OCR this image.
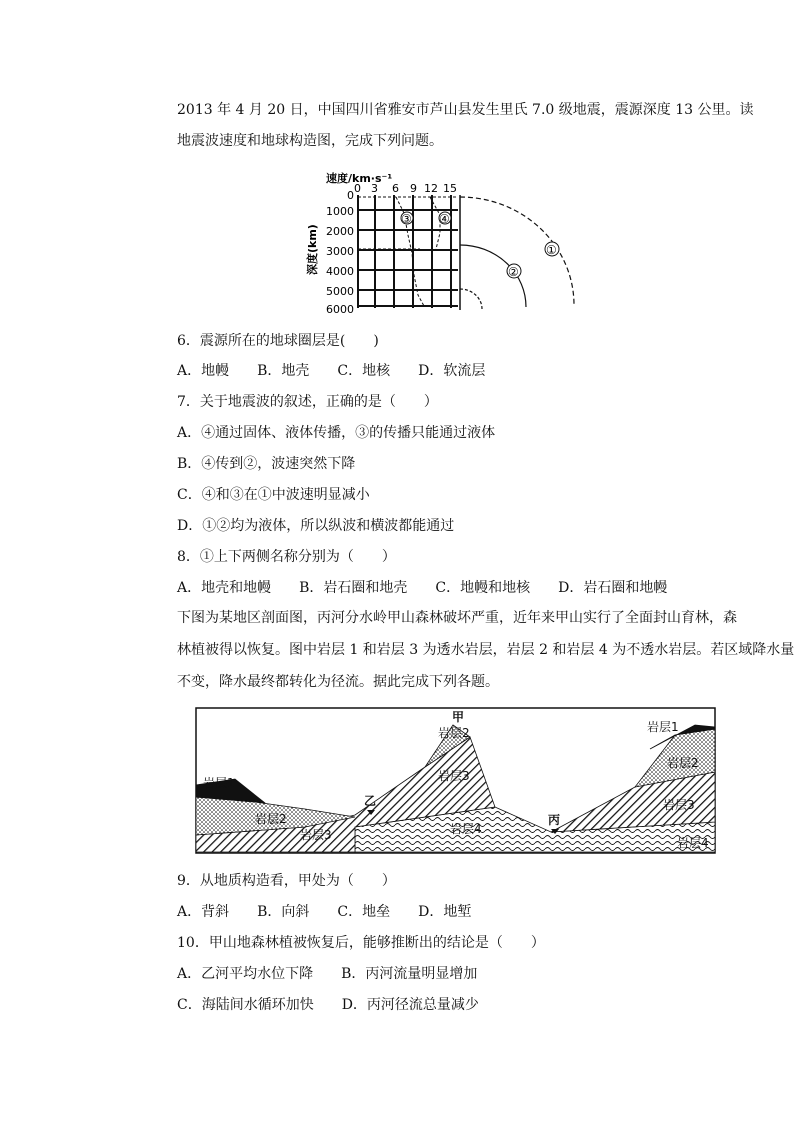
2013 年 4 月 20 日，中国四川省雅安市芦山县发生里氏 7.0 级地震，震源深度 13 公里。读
地震波速度和地球构造图，完成下列问题。
速度/km·s⁻¹
深度(km)
0 3 6 9 12 15
0
1000
2000
3000
4000
5000
6000
③ ④
①
②
6．震源所在的地球圈层是(　　)
A．地幔　　B．地壳　　C．地核　　D．软流层
7．关于地震波的叙述，正确的是（　　）
A．④通过固体、液体传播，③的传播只能通过液体
B．④传到②，波速突然下降
C．④和③在①中波速明显减小
D．①②均为液体，所以纵波和横波都能通过
8．①上下两侧名称分别为（　　）
A．地壳和地幔　　B．岩石圈和地壳　　C．地幔和地核　　D．岩石圈和地幔
下图为某地区剖面图，丙河分水岭甲山森林破坏严重，近年来甲山实行了全面封山育林，森
林植被得以恢复。图中岩层 1 和岩层 3 为透水岩层，岩层 2 和岩层 4 为不透水岩层。若区域降水量
不变，降水最终都转化为径流。据此完成下列各题。
甲
乙
丙
岩层1
岩层2
岩层3
岩层2
岩层3
岩层4
岩层1
岩层2
岩层3
岩层4
9．从地质构造看，甲处为（　　）
A．背斜　　B．向斜　　C．地垒　　D．地堑
10．甲山地森林植被恢复后，能够推断出的结论是（　　）
A．乙河平均水位下降　　B．丙河流量明显增加
C．海陆间水循环加快　　D．丙河径流总量减少
